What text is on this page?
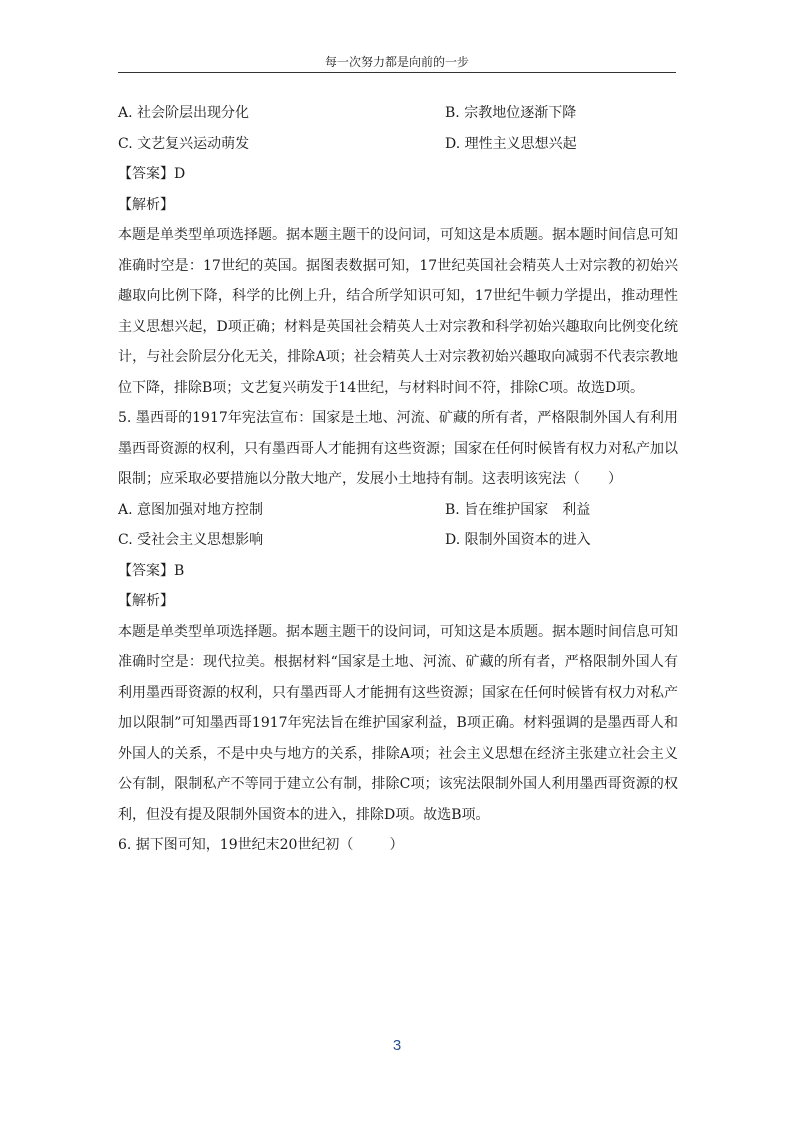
每一次努力都是向前的一步
A. 社会阶层出现分化	B. 宗教地位逐渐下降
C. 文艺复兴运动萌发	D. 理性主义思想兴起

【答案】D

【解析】

本题是单类型单项选择题。据本题主题干的设问词，可知这是本质题。据本题时间信息可知准确时空是：17世纪的英国。据图表数据可知，17世纪英国社会精英人士对宗教的初始兴趣取向比例下降，科学的比例上升，结合所学知识可知，17世纪牛顿力学提出，推动理性主义思想兴起，D项正确；材料是英国社会精英人士对宗教和科学初始兴趣取向比例变化统计，与社会阶层分化无关，排除A项；社会精英人士对宗教初始兴趣取向减弱不代表宗教地位下降，排除B项；文艺复兴萌发于14世纪，与材料时间不符，排除C项。故选D项。

5. 墨西哥的1917年宪法宣布：国家是土地、河流、矿藏的所有者，严格限制外国人有利用墨西哥资源的权利，只有墨西哥人才能拥有这些资源；国家在任何时候皆有权力对私产加以限制；应采取必要措施以分散大地产，发展小土地持有制。这表明该宪法（　　）

A. 意图加强对地方控制	B. 旨在维护国家　利益
C. 受社会主义思想影响	D. 限制外国资本的进入

【答案】B

【解析】

本题是单类型单项选择题。据本题主题干的设问词，可知这是本质题。据本题时间信息可知准确时空是：现代拉美。根据材料“国家是土地、河流、矿藏的所有者，严格限制外国人有利用墨西哥资源的权利，只有墨西哥人才能拥有这些资源；国家在任何时候皆有权力对私产加以限制”可知墨西哥1917年宪法旨在维护国家利益，B项正确。材料强调的是墨西哥人和外国人的关系，不是中央与地方的关系，排除A项；社会主义思想在经济主张建立社会主义公有制，限制私产不等同于建立公有制，排除C项；该宪法限制外国人利用墨西哥资源的权利，但没有提及限制外国资本的进入，排除D项。故选B项。

6. 据下图可知，19世纪末20世纪初（	）

3
